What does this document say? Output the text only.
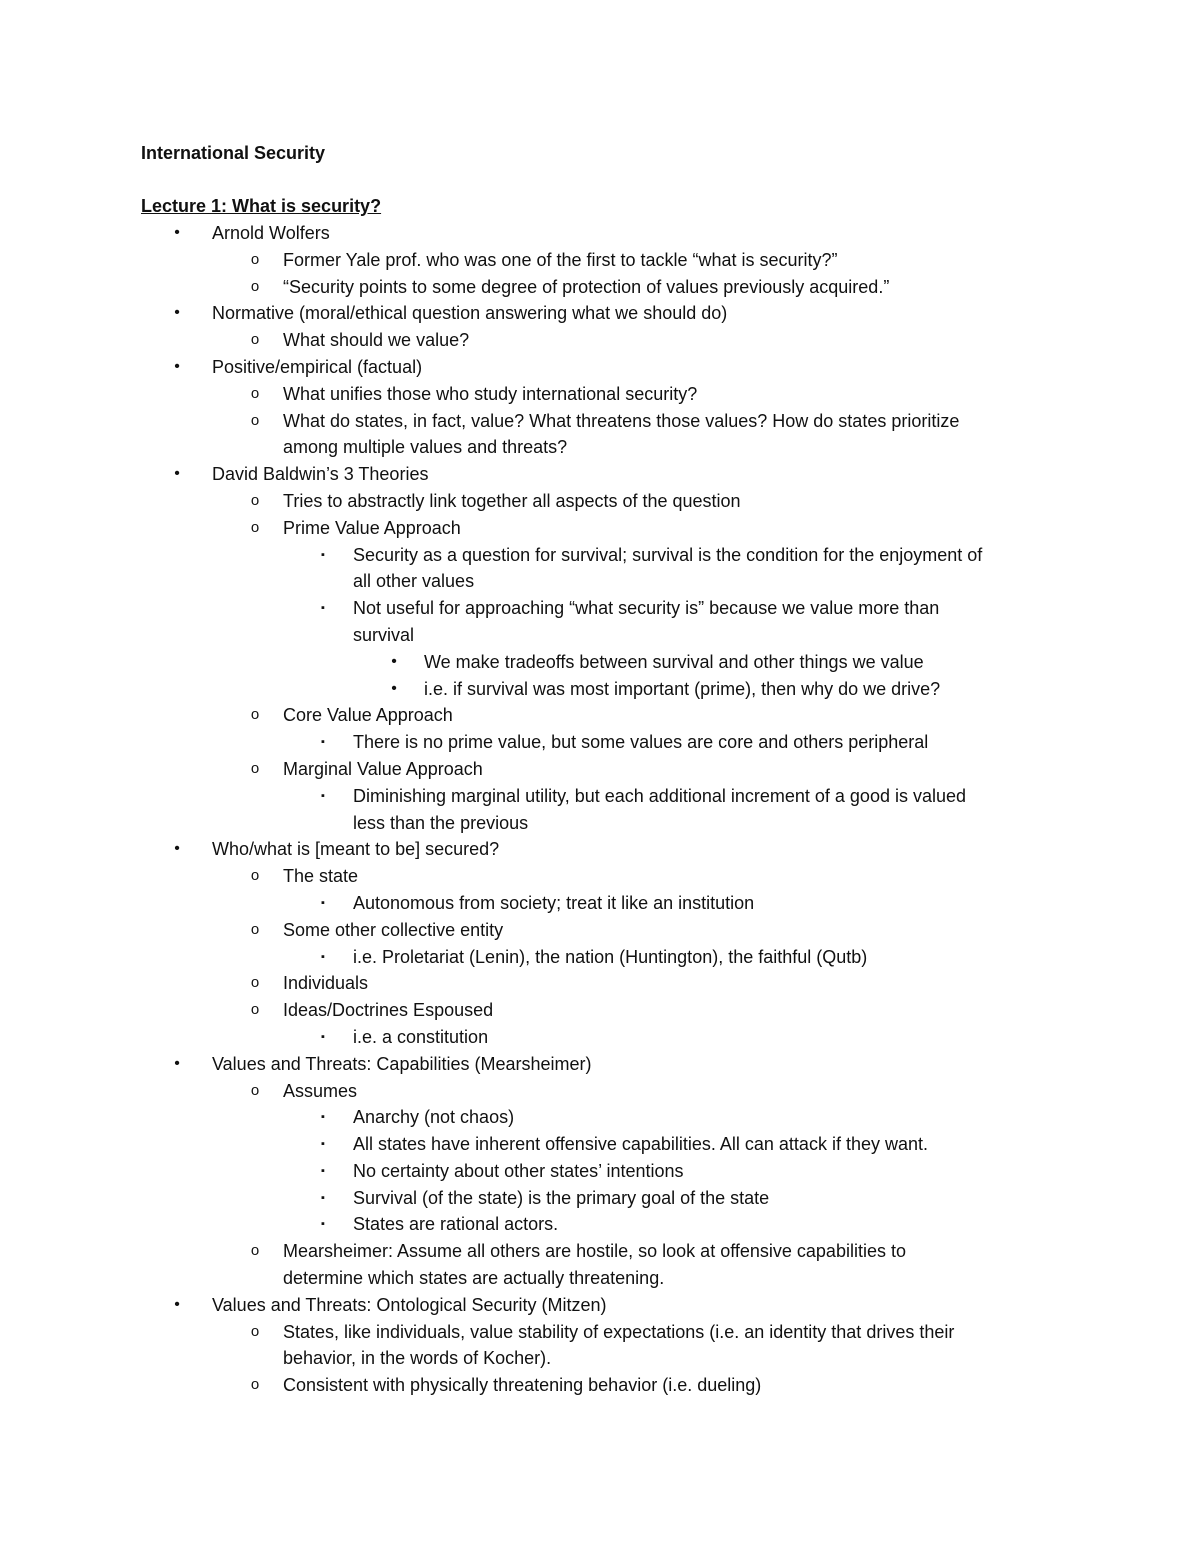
International Security
Lecture 1: What is security?
•	Arnold Wolfers
o	Former Yale prof. who was one of the first to tackle “what is security?”
o	“Security points to some degree of protection of values previously acquired.”
•	Normative (moral/ethical question answering what we should do)
o	What should we value?
•	Positive/empirical (factual)
o	What unifies those who study international security?
o	What do states, in fact, value? What threatens those values? How do states prioritize
among multiple values and threats?
•	David Baldwin’s 3 Theories
o	Tries to abstractly link together all aspects of the question
o	Prime Value Approach
▪	Security as a question for survival; survival is the condition for the enjoyment of
all other values
▪	Not useful for approaching “what security is” because we value more than
survival
•	We make tradeoffs between survival and other things we value
•	i.e. if survival was most important (prime), then why do we drive?
o	Core Value Approach
▪	There is no prime value, but some values are core and others peripheral
o	Marginal Value Approach
▪	Diminishing marginal utility, but each additional increment of a good is valued
less than the previous
•	Who/what is [meant to be] secured?
o	The state
▪	Autonomous from society; treat it like an institution
o	Some other collective entity
▪	i.e. Proletariat (Lenin), the nation (Huntington), the faithful (Qutb)
o	Individuals
o	Ideas/Doctrines Espoused
▪	i.e. a constitution
•	Values and Threats: Capabilities (Mearsheimer)
o	Assumes
▪	Anarchy (not chaos)
▪	All states have inherent offensive capabilities. All can attack if they want.
▪	No certainty about other states’ intentions
▪	Survival (of the state) is the primary goal of the state
▪	States are rational actors.
o	Mearsheimer: Assume all others are hostile, so look at offensive capabilities to
determine which states are actually threatening.
•	Values and Threats: Ontological Security (Mitzen)
o	States, like individuals, value stability of expectations (i.e. an identity that drives their
behavior, in the words of Kocher).
o	Consistent with physically threatening behavior (i.e. dueling)
